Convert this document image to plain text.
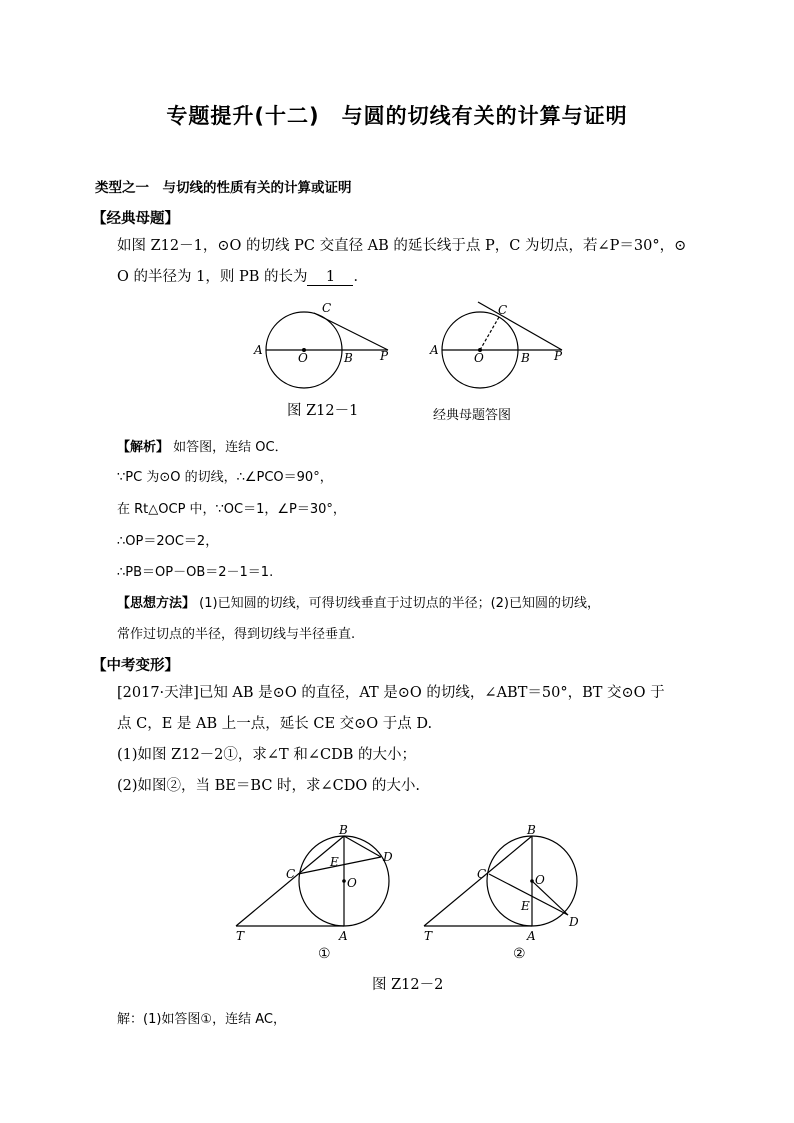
专题提升(十二)　与圆的切线有关的计算与证明
类型之一　与切线的性质有关的计算或证明
【经典母题】
如图 Z12－1，⊙O 的切线 PC 交直径 AB 的延长线于点 P，C 为切点，若∠P＝30°，⊙
O 的半径为 1，则 PB 的长为 1 ．
A
O	B P
C
A
O	B P
C
图 Z12－1	经典母题答图
【解析】 如答图，连结 OC．
∵PC 为⊙O 的切线，∴∠PCO＝90°，
在 Rt△OCP 中，∵OC＝1，∠P＝30°，
∴OP＝2OC＝2，
∴PB＝OP－OB＝2－1＝1.
【思想方法】 (1)已知圆的切线，可得切线垂直于过切点的半径；(2)已知圆的切线，
常作过切点的半径，得到切线与半径垂直.
【中考变形】
[2017·天津]已知 AB 是⊙O 的直径，AT 是⊙O 的切线，∠ABT＝50°，BT 交⊙O 于
点 C，E 是 AB 上一点，延长 CE 交⊙O 于点 D.
(1)如图 Z12－2①，求∠T 和∠CDB 的大小；
(2)如图②，当 BE＝BC 时，求∠CDO 的大小.
B
C
D
E
O
T	A
①
B
C
D
E
O
T	A
②
图 Z12－2
解：(1)如答图①，连结 AC，
